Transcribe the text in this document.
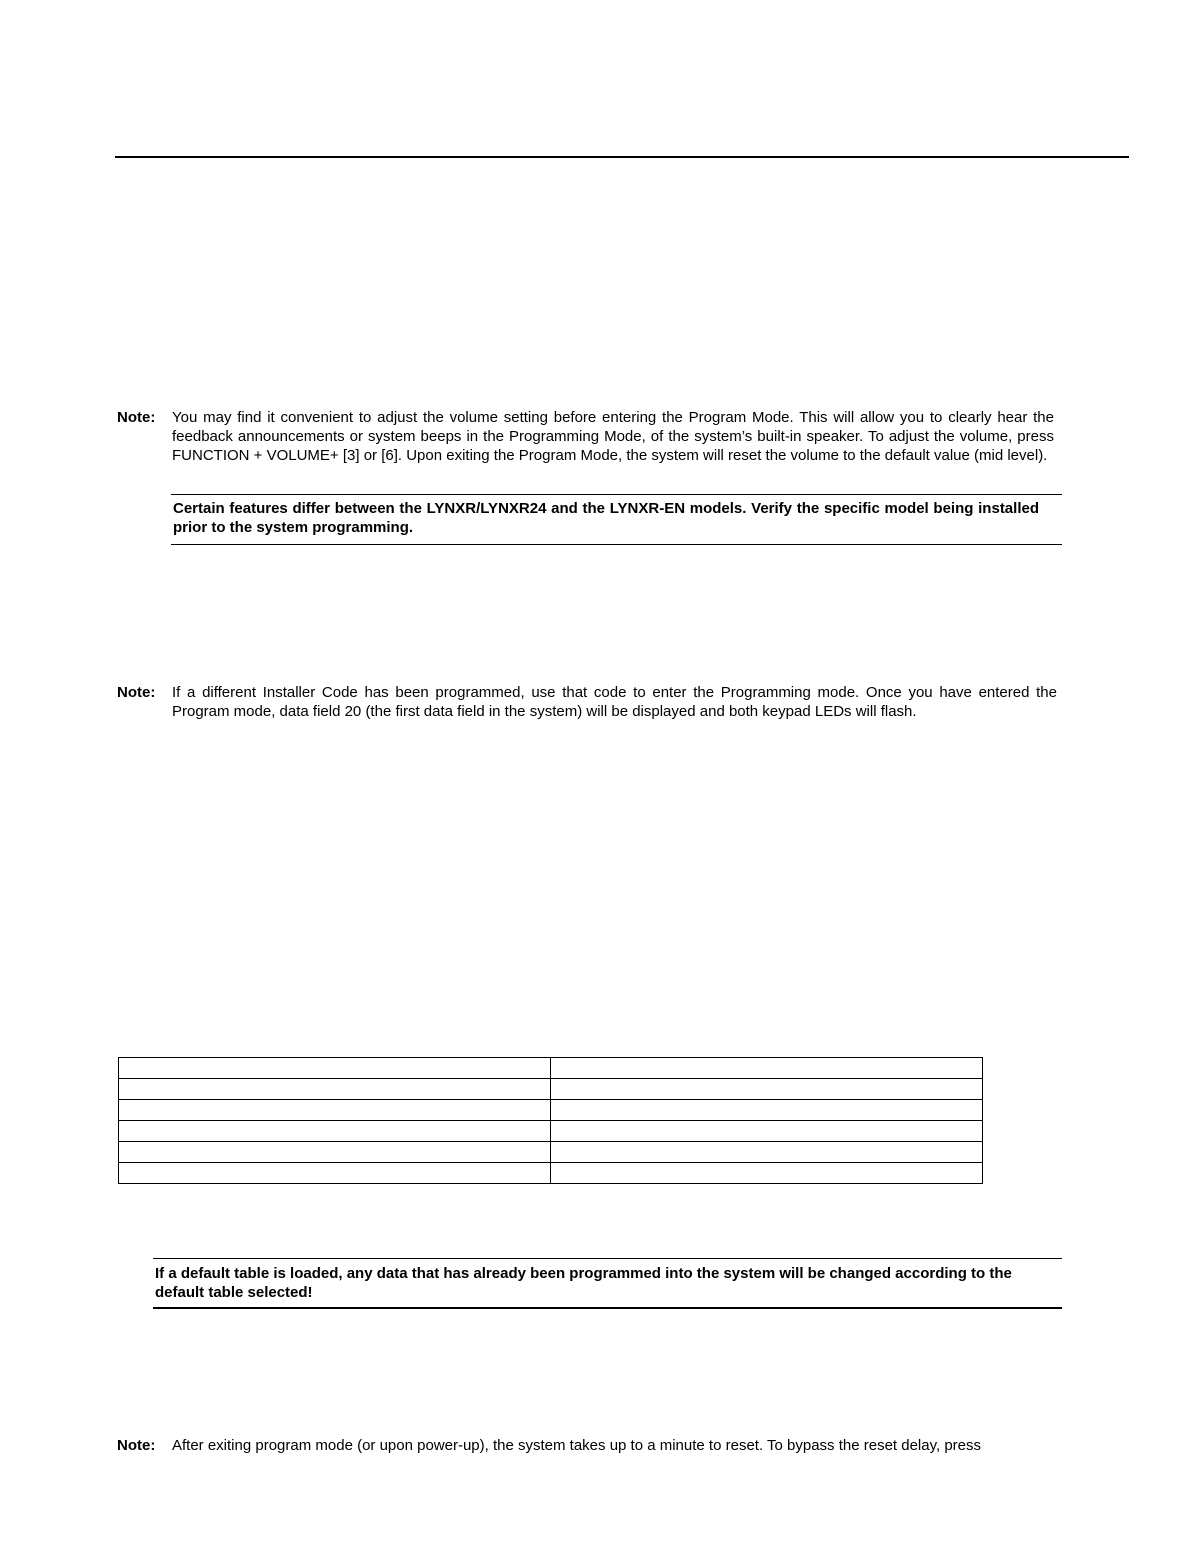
Note: You may find it convenient to adjust the volume setting before entering the Program Mode. This will allow you to clearly hear the feedback announcements or system beeps in the Programming Mode, of the system’s built-in speaker. To adjust the volume, press FUNCTION + VOLUME+ [3] or [6]. Upon exiting the Program Mode, the system will reset the volume to the default value (mid level).
Certain features differ between the LYNXR/LYNXR24 and the LYNXR-EN models. Verify the specific model being installed prior to the system programming.
Note: If a different Installer Code has been programmed, use that code to enter the Programming mode. Once you have entered the Program mode, data field 20 (the first data field in the system) will be displayed and both keypad LEDs will flash.

If a default table is loaded, any data that has already been programmed into the system will be changed according to the default table selected!
Note: After exiting program mode (or upon power-up), the system takes up to a minute to reset. To bypass the reset delay, press
